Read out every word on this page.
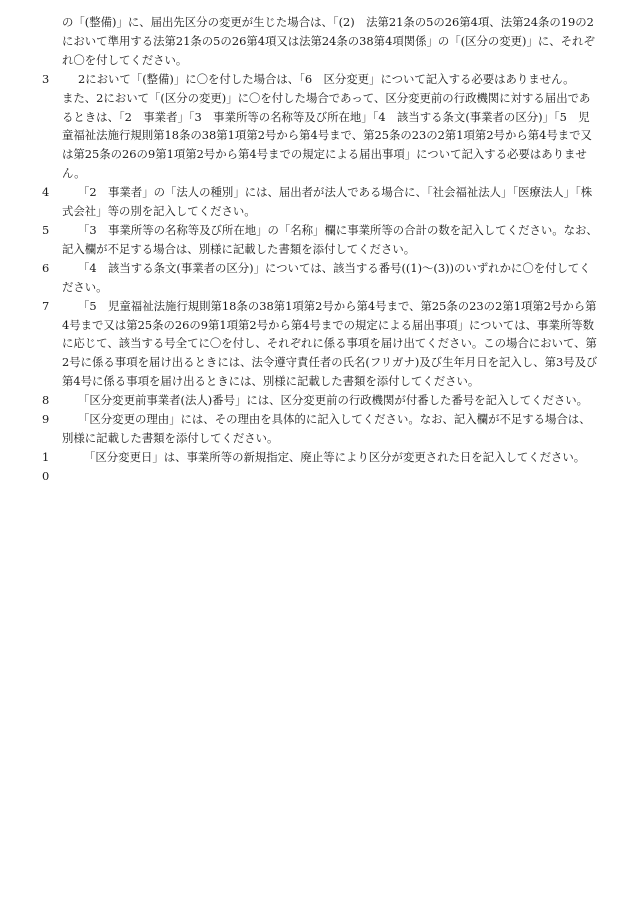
の「(整備)」に、届出先区分の変更が生じた場合は、「(2)　法第21条の5の26第4項、法第24条の19の2において準用する法第21条の5の26第4項又は法第24条の38第4項関係」の「(区分の変更)」に、それぞれ〇を付してください。
3	2において「(整備)」に〇を付した場合は、「6　区分変更」について記入する必要はありません。
また、2において「(区分の変更)」に〇を付した場合であって、区分変更前の行政機関に対する届出であるときは、「2　事業者」「3　事業所等の名称等及び所在地」「4　該当する条文(事業者の区分)」「5　児童福祉法施行規則第18条の38第1項第2号から第4号まで、第25条の23の2第1項第2号から第4号まで又は第25条の26の9第1項第2号から第4号までの規定による届出事項」について記入する必要はありません。
4	「2　事業者」の「法人の種別」には、届出者が法人である場合に、「社会福祉法人」「医療法人」「株式会社」等の別を記入してください。
5	「3　事業所等の名称等及び所在地」の「名称」欄に事業所等の合計の数を記入してください。なお、記入欄が不足する場合は、別様に記載した書類を添付してください。
6	「4　該当する条文(事業者の区分)」については、該当する番号((1)～(3))のいずれかに〇を付してください。
7	「5　児童福祉法施行規則第18条の38第1項第2号から第4号まで、第25条の23の2第1項第2号から第4号まで又は第25条の26の9第1項第2号から第4号までの規定による届出事項」については、事業所等数に応じて、該当する号全てに〇を付し、それぞれに係る事項を届け出てください。この場合において、第2号に係る事項を届け出るときには、法令遵守責任者の氏名(フリガナ)及び生年月日を記入し、第3号及び第4号に係る事項を届け出るときには、別様に記載した書類を添付してください。
8	「区分変更前事業者(法人)番号」には、区分変更前の行政機関が付番した番号を記入してください。
9	「区分変更の理由」には、その理由を具体的に記入してください。なお、記入欄が不足する場合は、別様に記載した書類を添付してください。
10
「区分変更日」は、事業所等の新規指定、廃止等により区分が変更された日を記入してください。
